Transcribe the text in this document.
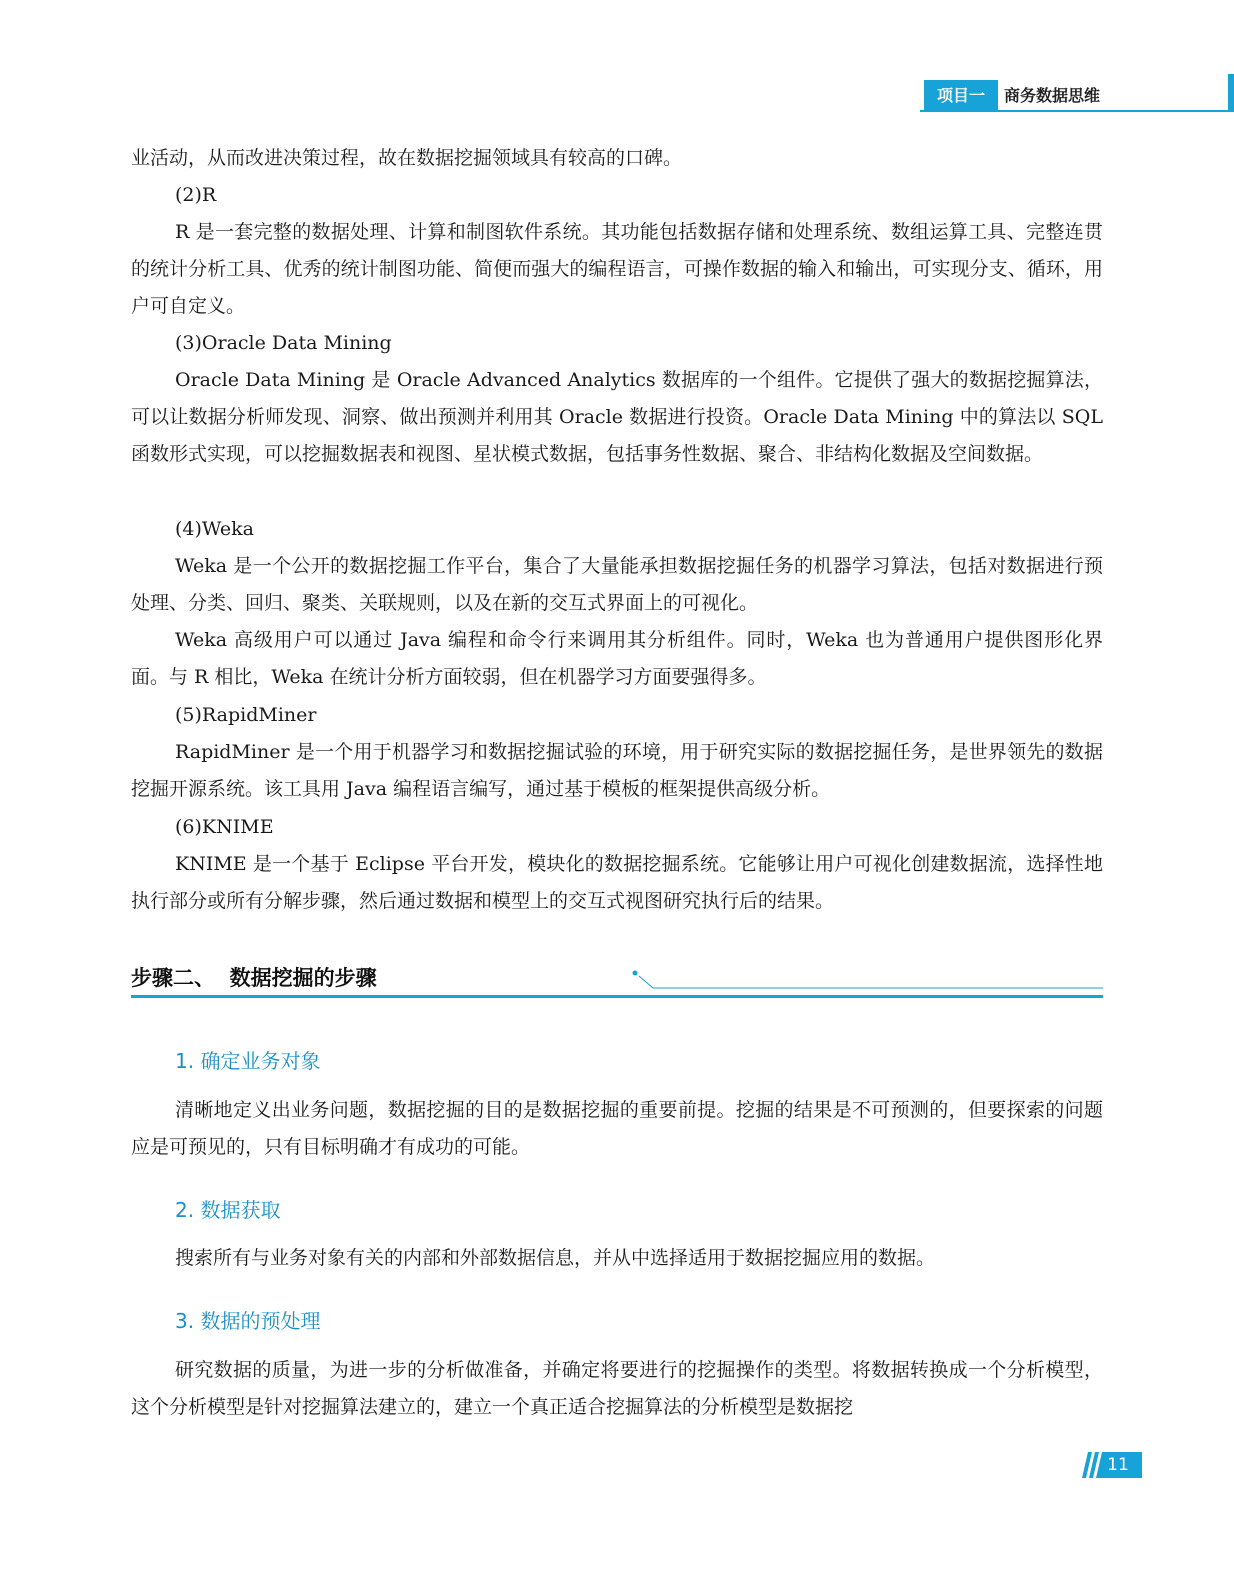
项目一	商务数据思维

业活动，从而改进决策过程，故在数据挖掘领域具有较高的口碑。

(2)R

R 是一套完整的数据处理、计算和制图软件系统。其功能包括数据存储和处理系统、数组运算工具、完整连贯的统计分析工具、优秀的统计制图功能、简便而强大的编程语言，可操作数据的输入和输出，可实现分支、循环，用户可自定义。

(3)Oracle Data Mining

Oracle Data Mining 是 Oracle Advanced Analytics 数据库的一个组件。它提供了强大的数据挖掘算法，可以让数据分析师发现、洞察、做出预测并利用其 Oracle 数据进行投资。Oracle Data Mining 中的算法以 SQL 函数形式实现，可以挖掘数据表和视图、星状模式数据，包括事务性数据、聚合、非结构化数据及空间数据。

(4)Weka

Weka 是一个公开的数据挖掘工作平台，集合了大量能承担数据挖掘任务的机器学习算法，包括对数据进行预处理、分类、回归、聚类、关联规则，以及在新的交互式界面上的可视化。

Weka 高级用户可以通过 Java 编程和命令行来调用其分析组件。同时，Weka 也为普通用户提供图形化界面。与 R 相比，Weka 在统计分析方面较弱，但在机器学习方面要强得多。

(5)RapidMiner

RapidMiner 是一个用于机器学习和数据挖掘试验的环境，用于研究实际的数据挖掘任务，是世界领先的数据挖掘开源系统。该工具用 Java 编程语言编写，通过基于模板的框架提供高级分析。

(6)KNIME

KNIME 是一个基于 Eclipse 平台开发，模块化的数据挖掘系统。它能够让用户可视化创建数据流，选择性地执行部分或所有分解步骤，然后通过数据和模型上的交互式视图研究执行后的结果。

步骤二、  数据挖掘的步骤

1. 确定业务对象

清晰地定义出业务问题，数据挖掘的目的是数据挖掘的重要前提。挖掘的结果是不可预测的，但要探索的问题应是可预见的，只有目标明确才有成功的可能。

2. 数据获取

搜索所有与业务对象有关的内部和外部数据信息，并从中选择适用于数据挖掘应用的数据。

3. 数据的预处理

研究数据的质量，为进一步的分析做准备，并确定将要进行的挖掘操作的类型。将数据转换成一个分析模型，这个分析模型是针对挖掘算法建立的，建立一个真正适合挖掘算法的分析模型是数据挖

11
